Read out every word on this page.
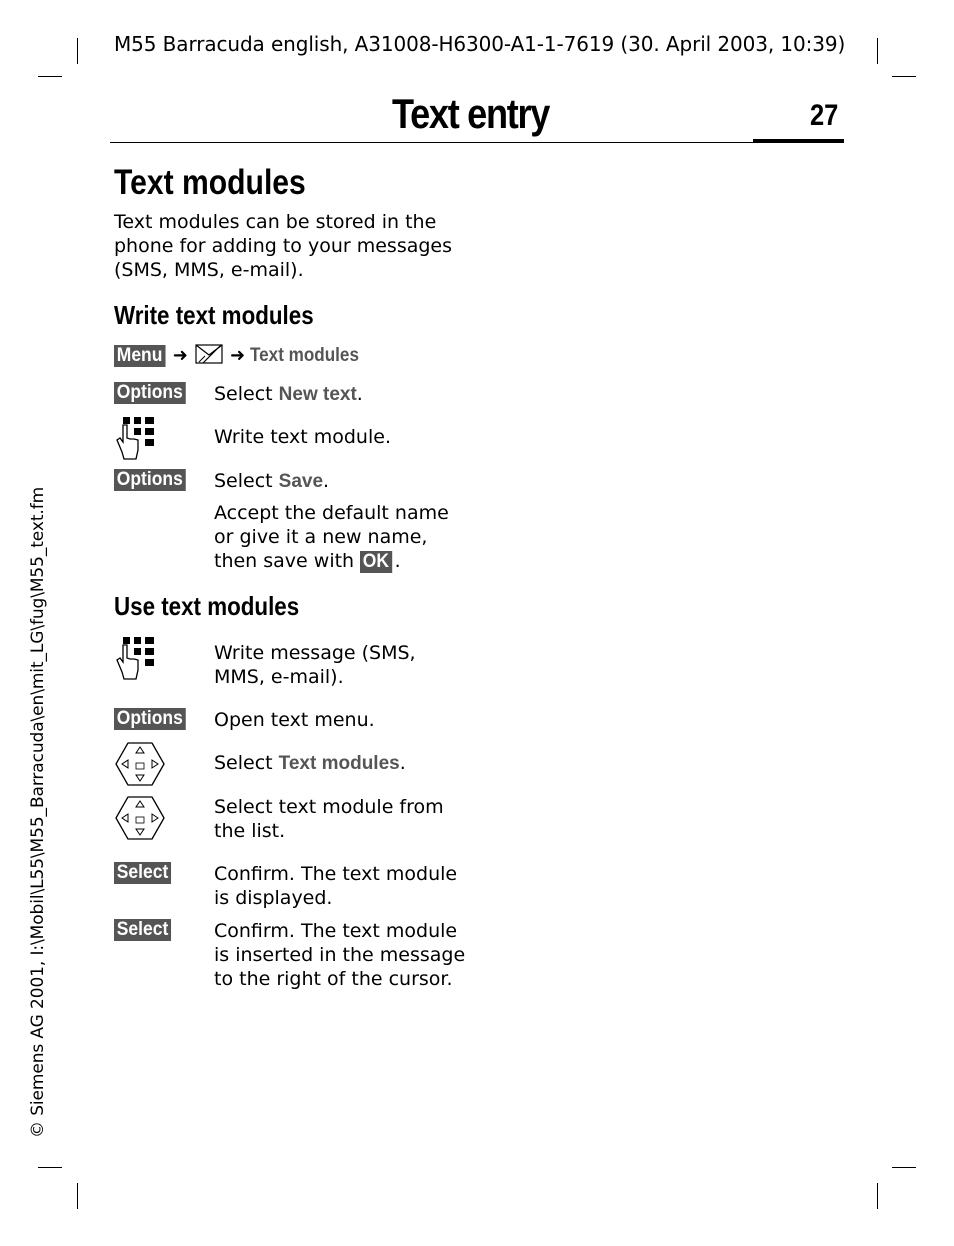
M55 Barracuda english, A31008-H6300-A1-1-7619 (30. April 2003, 10:39)
Text entry	27
Text modules
Text modules can be stored in the
phone for adding to your messages
(SMS, MMS, e-mail).
Write text modules
Menu ➜ ➜ Text modules
Options Select New text.
Write text module.
Options Select Save.
Accept the default name
or give it a new name,
then save with OK .
Use text modules
Write message (SMS,
MMS, e-mail).
Options Open text menu.
Select Text modules.
Select text module from
the list.
Select Confirm. The text module
is displayed.
Select Confirm. The text module
is inserted in the message
to the right of the cursor.
© Siemens AG 2001, I:\Mobil\L55\M55_Barracuda\en\mit_LG\fug\M55_text.fm
